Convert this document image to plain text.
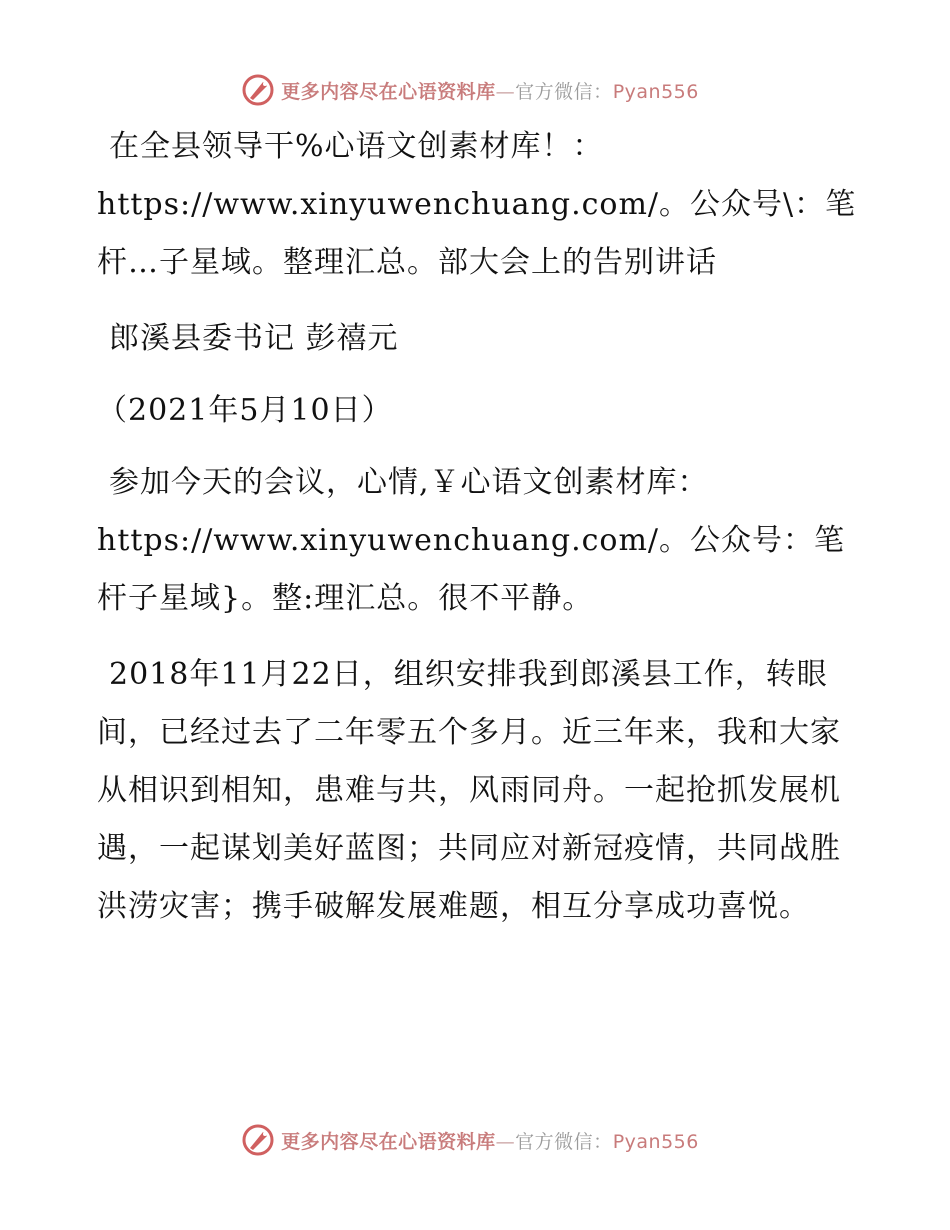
更多内容尽在心语资料库—官方微信：Pyan556

在全县领导干%心语文创素材库！：https://www.xinyuwenchuang.com/。公众号\：笔杆…子星域。整理汇总。部大会上的告别讲话

郎溪县委书记 彭禧元

（2021年5月10日）

参加今天的会议，心情,￥心语文创素材库：https://www.xinyuwenchuang.com/。公众号：笔杆子星域}。整:理汇总。很不平静。

2018年11月22日，组织安排我到郎溪县工作，转眼间，已经过去了二年零五个多月。近三年来，我和大家从相识到相知，患难与共，风雨同舟。一起抢抓发展机遇，一起谋划美好蓝图；共同应对新冠疫情，共同战胜洪涝灾害；携手破解发展难题，相互分享成功喜悦。

更多内容尽在心语资料库—官方微信：Pyan556
